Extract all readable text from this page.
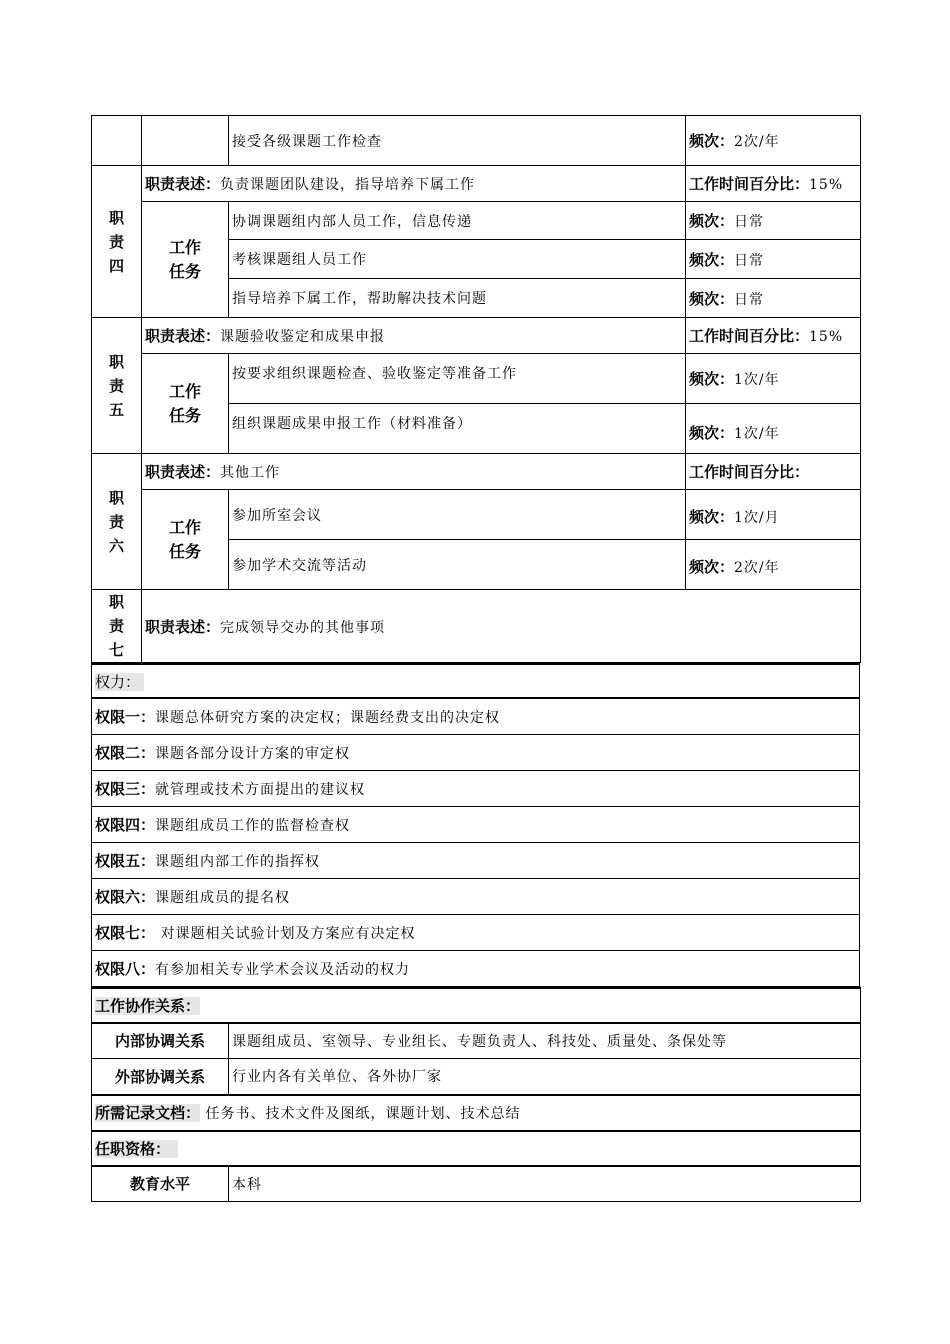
		接受各级课题工作检查	频次：2次/年

职
责
四	职责表述：负责课题团队建设，指导培养下属工作		工作时间百分比：15%

	工作
任务	协调课题组内部人员工作，信息传递	频次：日常
		考核课题组人员工作	频次：日常
		指导培养下属工作，帮助解决技术问题	频次：日常

职
责
五	职责表述：课题验收鉴定和成果申报		工作时间百分比：15%

	工作
任务	按要求组织课题检查、验收鉴定等准备工作	频次：1次/年
		组织课题成果申报工作（材料准备）	频次：1次/年

职
责
六	职责表述：其他工作		工作时间百分比：

	工作
任务	参加所室会议	频次：1次/月
		参加学术交流等活动	频次：2次/年

职
责
七	职责表述：完成领导交办的其他事项		
权力：
权限一：课题总体研究方案的决定权；课题经费支出的决定权
权限二：课题各部分设计方案的审定权
权限三：就管理或技术方面提出的建议权
权限四：课题组成员工作的监督检查权
权限五：课题组内部工作的指挥权
权限六：课题组成员的提名权
权限七： 对课题相关试验计划及方案应有决定权
权限八：有参加相关专业学术会议及活动的权力
工作协作关系：	
内部协调关系	课题组成员、室领导、专业组长、专题负责人、科技处、质量处、条保处等
外部协调关系	行业内各有关单位、各外协厂家
所需记录文档： 任务书、技术文件及图纸，课题计划、技术总结	
任职资格：	
教育水平	本科
